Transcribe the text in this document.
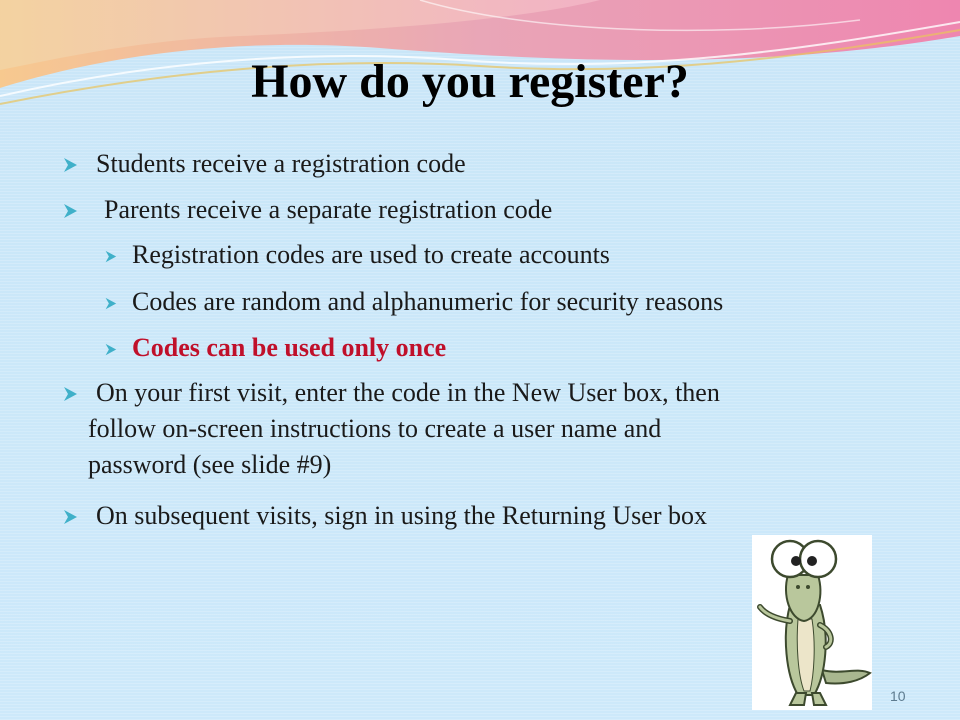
How do you register?
Students receive a registration code
Parents receive a separate registration code
Registration codes are used to create accounts
Codes are random and alphanumeric for security reasons
Codes can be used only once
On your first visit, enter the code in the New User box, then
follow on-screen instructions to create a user name and
password (see slide #9)
On subsequent visits, sign in using the Returning User box
10
